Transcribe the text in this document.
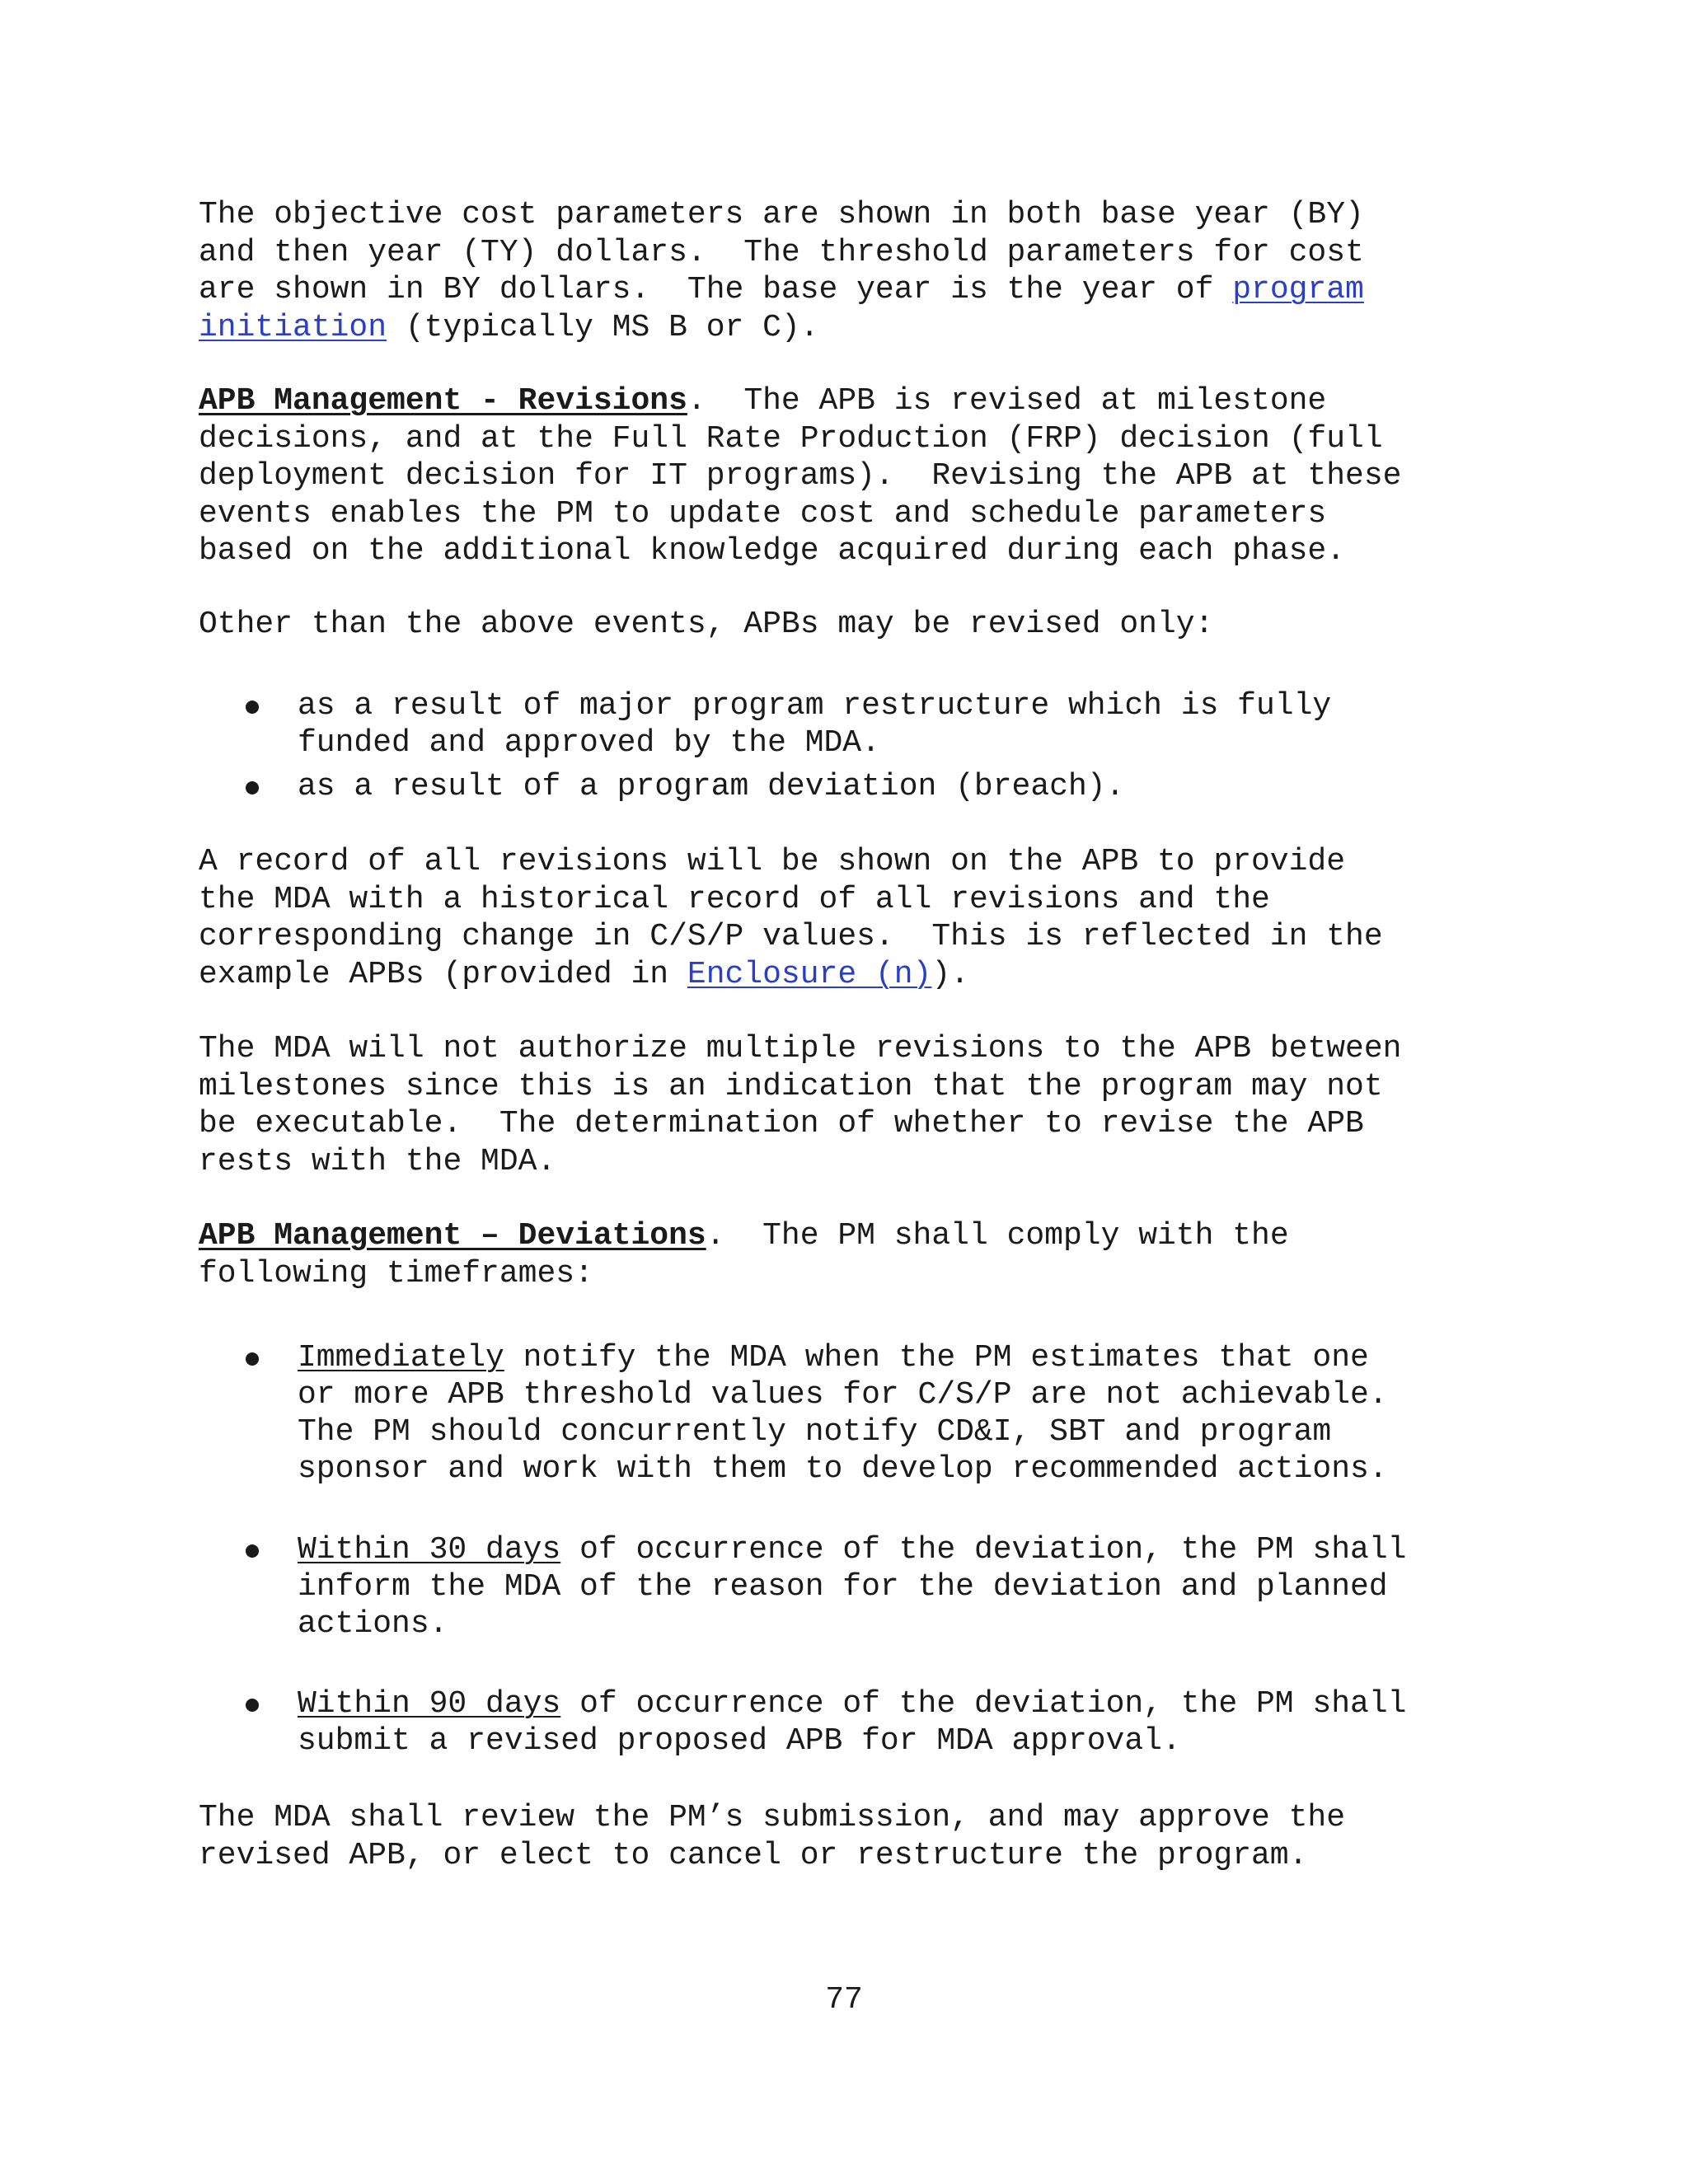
The objective cost parameters are shown in both base year (BY)
and then year (TY) dollars.  The threshold parameters for cost
are shown in BY dollars.  The base year is the year of program
initiation (typically MS B or C).
APB Management - Revisions.  The APB is revised at milestone
decisions, and at the Full Rate Production (FRP) decision (full
deployment decision for IT programs).  Revising the APB at these
events enables the PM to update cost and schedule parameters
based on the additional knowledge acquired during each phase.
Other than the above events, APBs may be revised only:
as a result of major program restructure which is fully
funded and approved by the MDA.
as a result of a program deviation (breach).
A record of all revisions will be shown on the APB to provide
the MDA with a historical record of all revisions and the
corresponding change in C/S/P values.  This is reflected in the
example APBs (provided in Enclosure (n)).
The MDA will not authorize multiple revisions to the APB between
milestones since this is an indication that the program may not
be executable.  The determination of whether to revise the APB
rests with the MDA.
APB Management – Deviations.  The PM shall comply with the
following timeframes:
Immediately notify the MDA when the PM estimates that one
or more APB threshold values for C/S/P are not achievable.
The PM should concurrently notify CD&I, SBT and program
sponsor and work with them to develop recommended actions.
Within 30 days of occurrence of the deviation, the PM shall
inform the MDA of the reason for the deviation and planned
actions.
Within 90 days of occurrence of the deviation, the PM shall
submit a revised proposed APB for MDA approval.
The MDA shall review the PM’s submission, and may approve the
revised APB, or elect to cancel or restructure the program.
77
